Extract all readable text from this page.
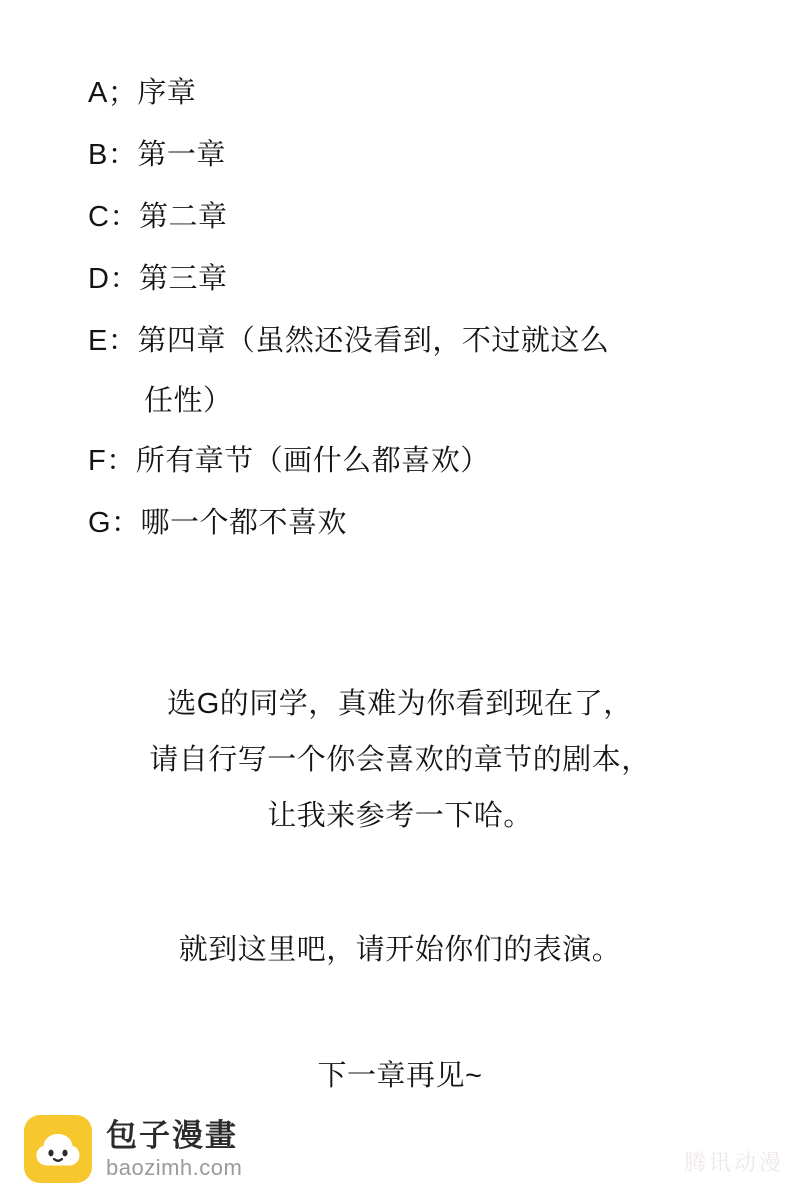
A；序章
B：第一章
C：第二章
D：第三章
E：第四章（虽然还没看到，不过就这么
任性）
F：所有章节（画什么都喜欢）
G：哪一个都不喜欢
选G的同学，真难为你看到现在了，
请自行写一个你会喜欢的章节的剧本，
让我来参考一下哈。
就到这里吧，请开始你们的表演。
下一章再见~
包子漫畫
baozimh.com	腾讯动漫
